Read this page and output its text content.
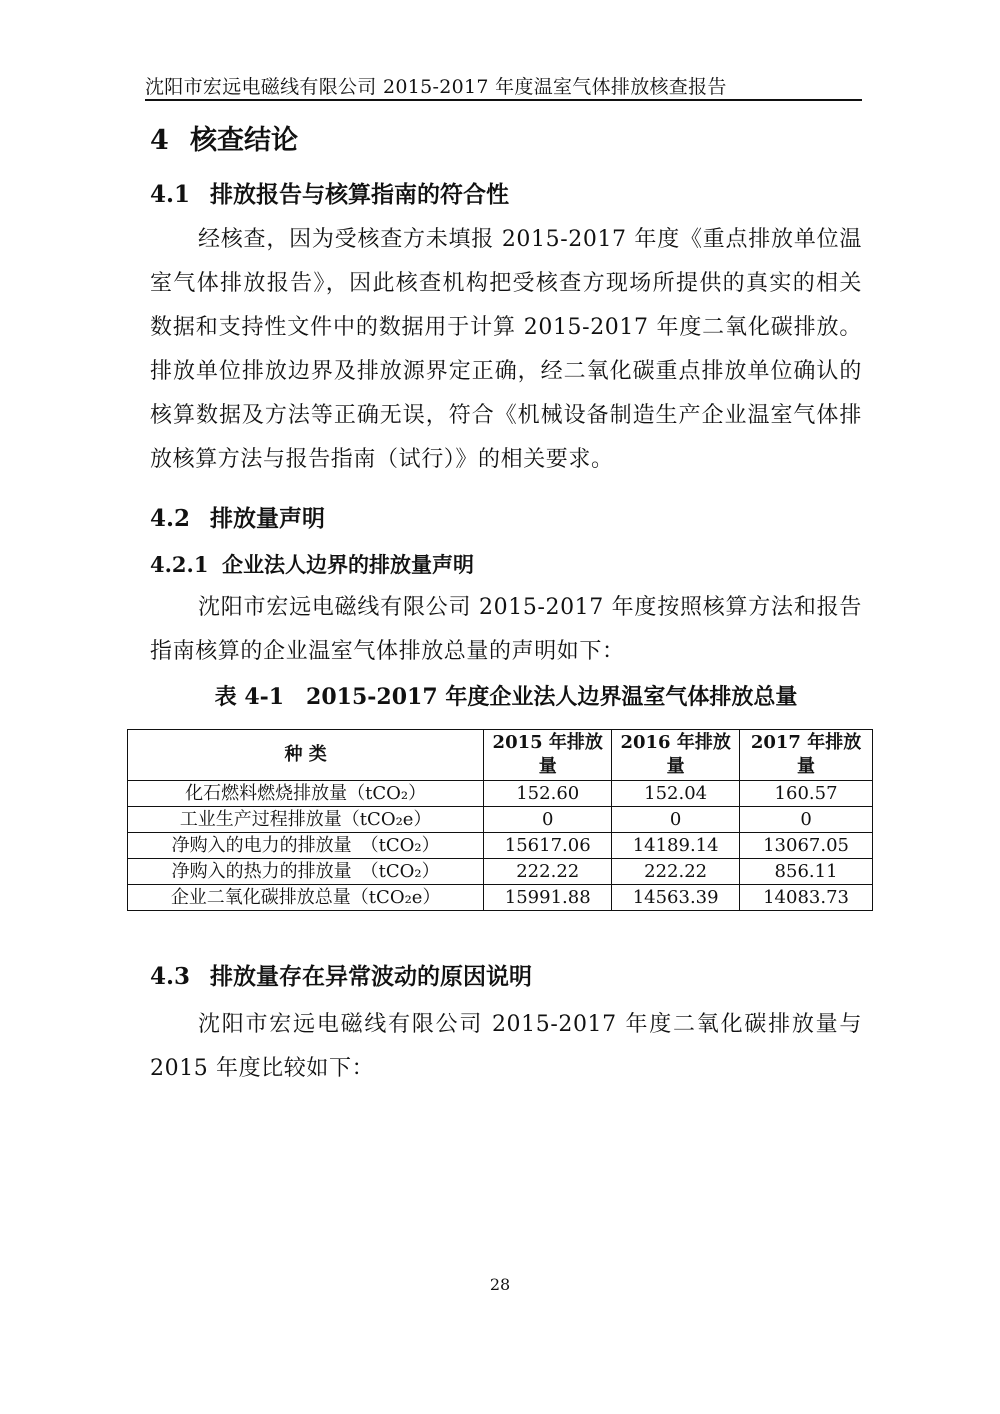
沈阳市宏远电磁线有限公司 2015-2017 年度温室气体排放核查报告
4 核查结论
4.1 排放报告与核算指南的符合性
经核查，因为受核查方未填报 2015-2017 年度《重点排放单位温室气体排放报告》，因此核查机构把受核查方现场所提供的真实的相关数据和支持性文件中的数据用于计算 2015-2017 年度二氧化碳排放。排放单位排放边界及排放源界定正确，经二氧化碳重点排放单位确认的核算数据及方法等正确无误，符合《机械设备制造生产企业温室气体排放核算方法与报告指南（试行）》的相关要求。
4.2 排放量声明
4.2.1 企业法人边界的排放量声明
沈阳市宏远电磁线有限公司 2015-2017 年度按照核算方法和报告指南核算的企业温室气体排放总量的声明如下：
表 4-1　2015-2017 年度企业法人边界温室气体排放总量
种 类	2015 年排放量	2016 年排放量	2017 年排放量
化石燃料燃烧排放量（tCO₂）	152.60	152.04	160.57
工业生产过程排放量（tCO₂e）	0	0	0
净购入的电力的排放量　（tCO₂）	15617.06	14189.14	13067.05
净购入的热力的排放量　（tCO₂）	222.22	222.22	856.11
企业二氧化碳排放总量（tCO₂e）	15991.88	14563.39	14083.73
4.3 排放量存在异常波动的原因说明
沈阳市宏远电磁线有限公司 2015-2017 年度二氧化碳排放量与 2015 年度比较如下：
28
